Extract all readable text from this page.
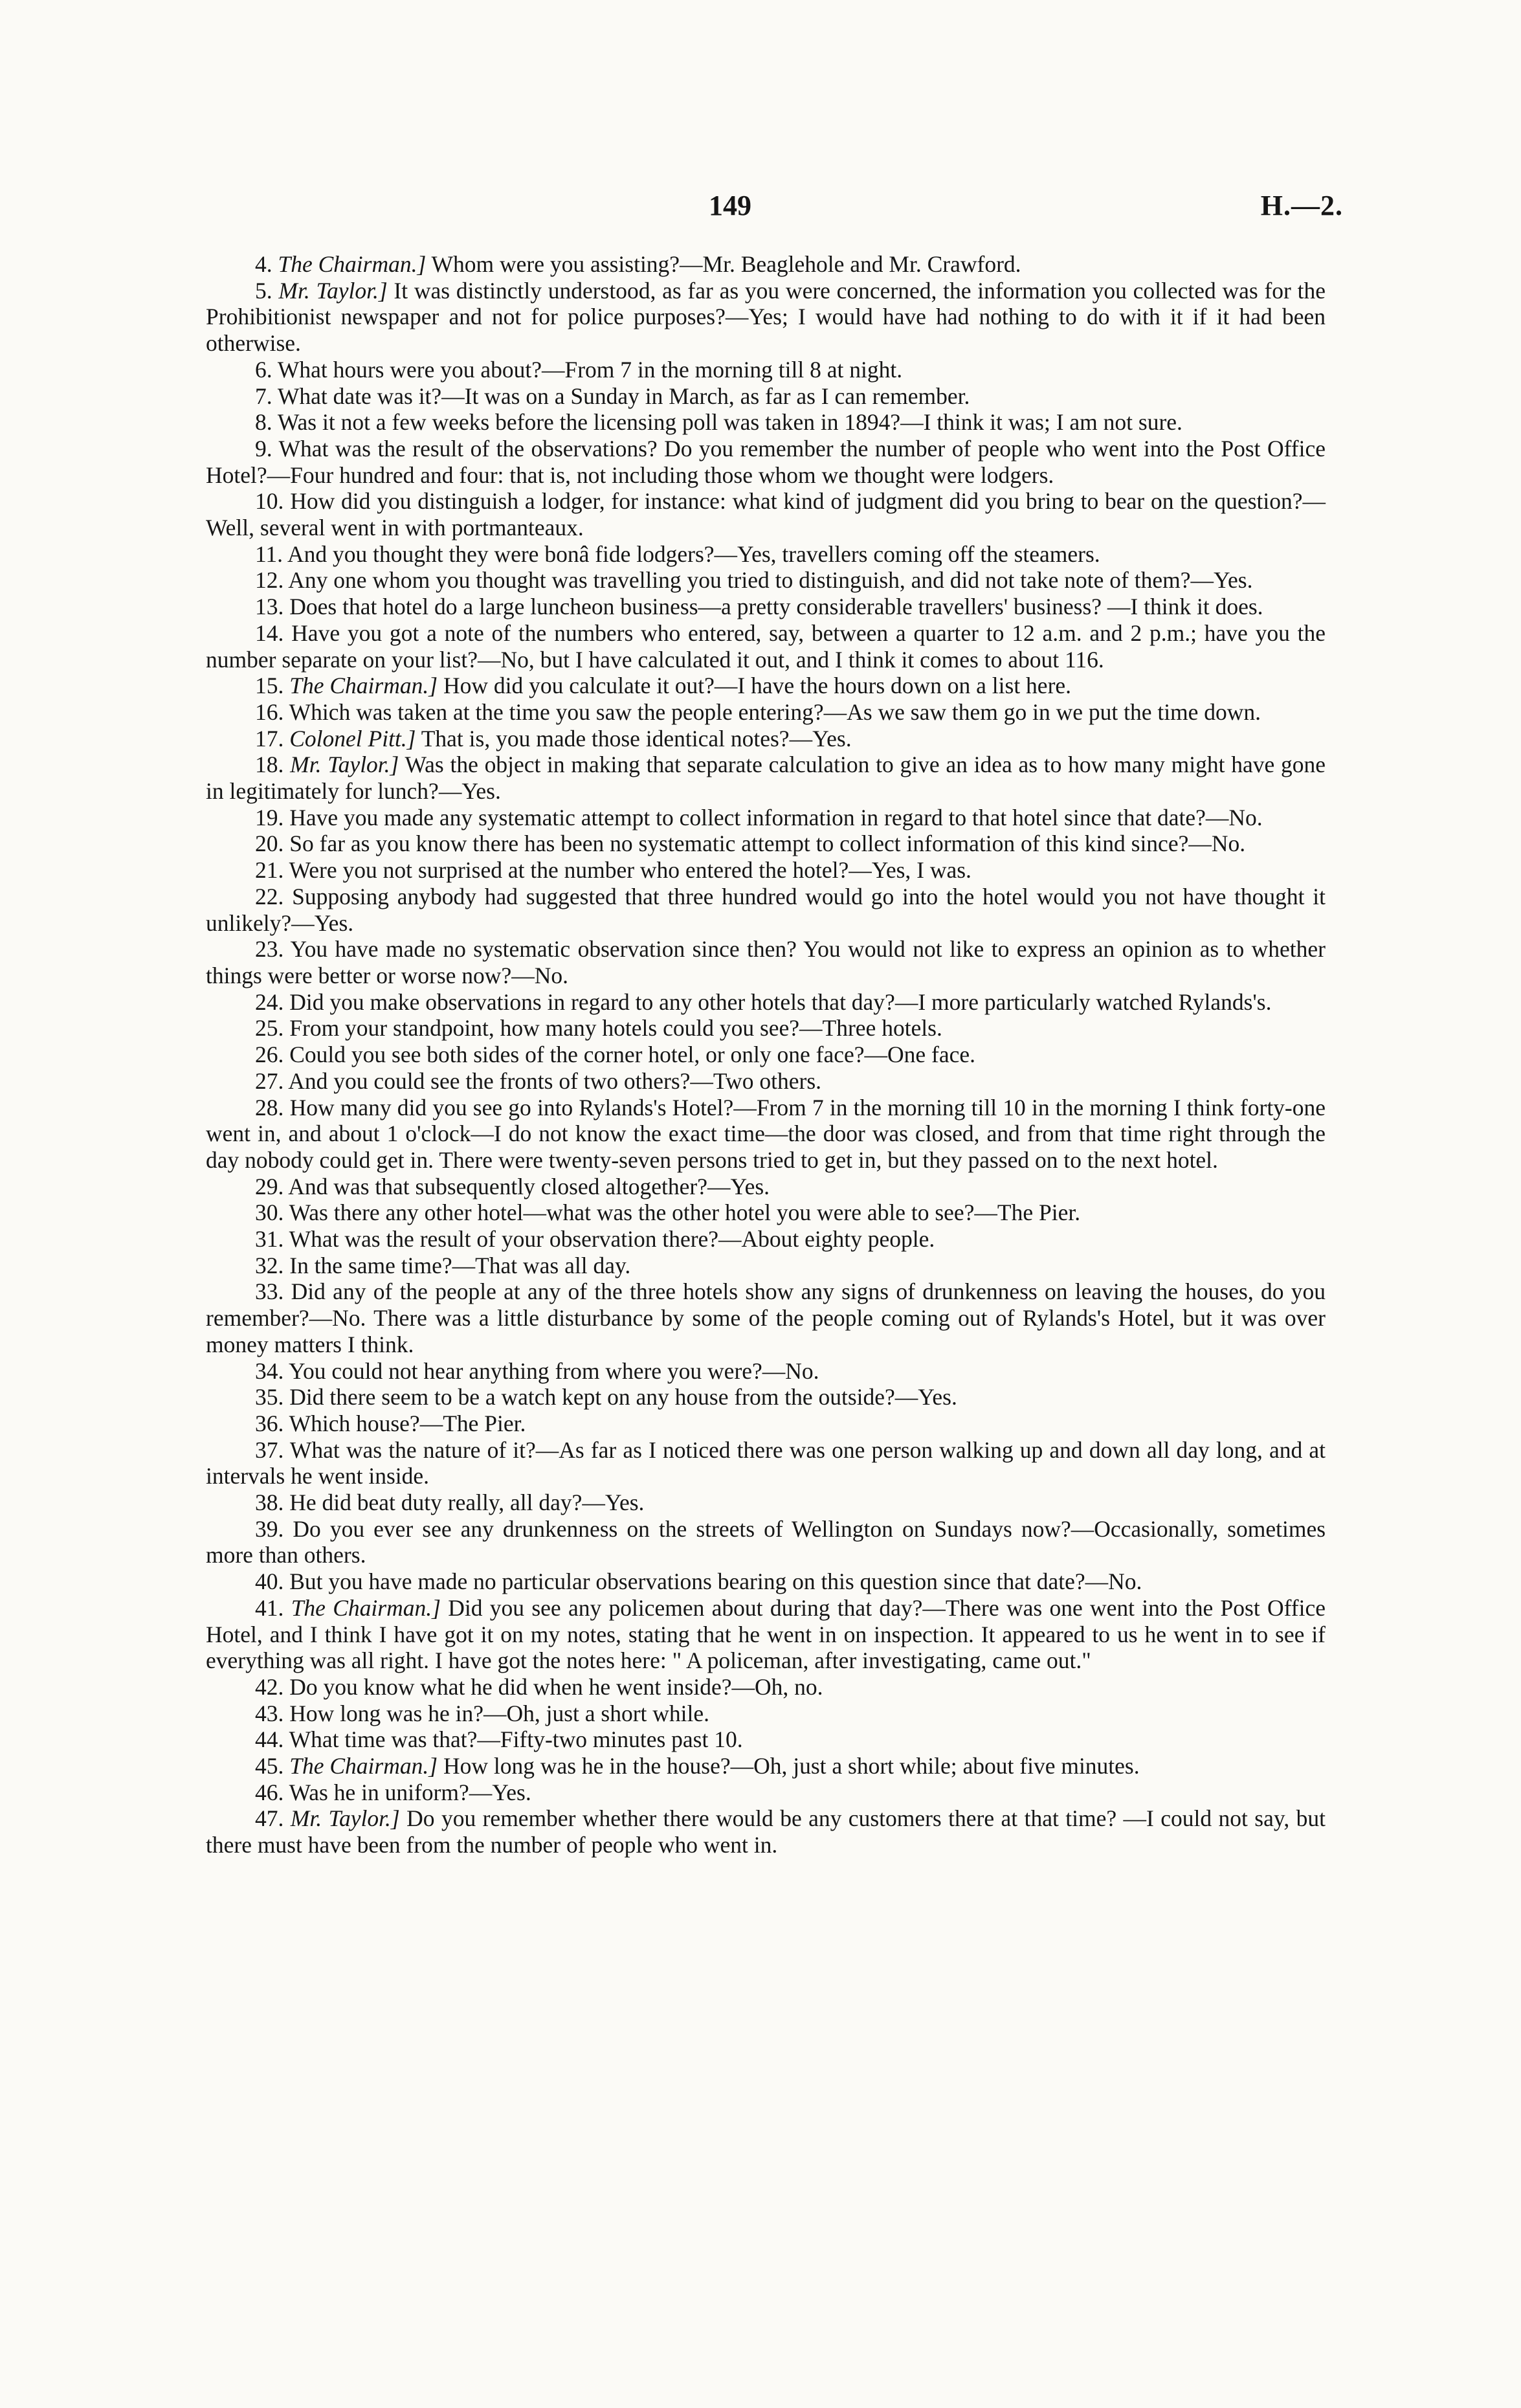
149	H.—2.

4. The Chairman.] Whom were you assisting?—Mr. Beaglehole and Mr. Crawford.

5. Mr. Taylor.] It was distinctly understood, as far as you were concerned, the information you collected was for the Prohibitionist newspaper and not for police purposes?—Yes; I would have had nothing to do with it if it had been otherwise.

6. What hours were you about?—From 7 in the morning till 8 at night.

7. What date was it?—It was on a Sunday in March, as far as I can remember.

8. Was it not a few weeks before the licensing poll was taken in 1894?—I think it was; I am not sure.

9. What was the result of the observations? Do you remember the number of people who went into the Post Office Hotel?—Four hundred and four: that is, not including those whom we thought were lodgers.

10. How did you distinguish a lodger, for instance: what kind of judgment did you bring to bear on the question?—Well, several went in with portmanteaux.

11. And you thought they were bonâ fide lodgers?—Yes, travellers coming off the steamers.

12. Any one whom you thought was travelling you tried to distinguish, and did not take note of them?—Yes.

13. Does that hotel do a large luncheon business—a pretty considerable travellers' business? —I think it does.

14. Have you got a note of the numbers who entered, say, between a quarter to 12 a.m. and 2 p.m.; have you the number separate on your list?—No, but I have calculated it out, and I think it comes to about 116.

15. The Chairman.] How did you calculate it out?—I have the hours down on a list here.

16. Which was taken at the time you saw the people entering?—As we saw them go in we put the time down.

17. Colonel Pitt.] That is, you made those identical notes?—Yes.

18. Mr. Taylor.] Was the object in making that separate calculation to give an idea as to how many might have gone in legitimately for lunch?—Yes.

19. Have you made any systematic attempt to collect information in regard to that hotel since that date?—No.

20. So far as you know there has been no systematic attempt to collect information of this kind since?—No.

21. Were you not surprised at the number who entered the hotel?—Yes, I was.

22. Supposing anybody had suggested that three hundred would go into the hotel would you not have thought it unlikely?—Yes.

23. You have made no systematic observation since then? You would not like to express an opinion as to whether things were better or worse now?—No.

24. Did you make observations in regard to any other hotels that day?—I more particularly watched Rylands's.

25. From your standpoint, how many hotels could you see?—Three hotels.

26. Could you see both sides of the corner hotel, or only one face?—One face.

27. And you could see the fronts of two others?—Two others.

28. How many did you see go into Rylands's Hotel?—From 7 in the morning till 10 in the morning I think forty-one went in, and about 1 o'clock—I do not know the exact time—the door was closed, and from that time right through the day nobody could get in. There were twenty-seven persons tried to get in, but they passed on to the next hotel.

29. And was that subsequently closed altogether?—Yes.

30. Was there any other hotel—what was the other hotel you were able to see?—The Pier.

31. What was the result of your observation there?—About eighty people.

32. In the same time?—That was all day.

33. Did any of the people at any of the three hotels show any signs of drunkenness on leaving the houses, do you remember?—No. There was a little disturbance by some of the people coming out of Rylands's Hotel, but it was over money matters I think.

34. You could not hear anything from where you were?—No.

35. Did there seem to be a watch kept on any house from the outside?—Yes.

36. Which house?—The Pier.

37. What was the nature of it?—As far as I noticed there was one person walking up and down all day long, and at intervals he went inside.

38. He did beat duty really, all day?—Yes.

39. Do you ever see any drunkenness on the streets of Wellington on Sundays now?—Occasionally, sometimes more than others.

40. But you have made no particular observations bearing on this question since that date?—No.

41. The Chairman.] Did you see any policemen about during that day?—There was one went into the Post Office Hotel, and I think I have got it on my notes, stating that he went in on inspection. It appeared to us he went in to see if everything was all right. I have got the notes here: " A policeman, after investigating, came out."

42. Do you know what he did when he went inside?—Oh, no.

43. How long was he in?—Oh, just a short while.

44. What time was that?—Fifty-two minutes past 10.

45. The Chairman.] How long was he in the house?—Oh, just a short while; about five minutes.

46. Was he in uniform?—Yes.

47. Mr. Taylor.] Do you remember whether there would be any customers there at that time? —I could not say, but there must have been from the number of people who went in.
